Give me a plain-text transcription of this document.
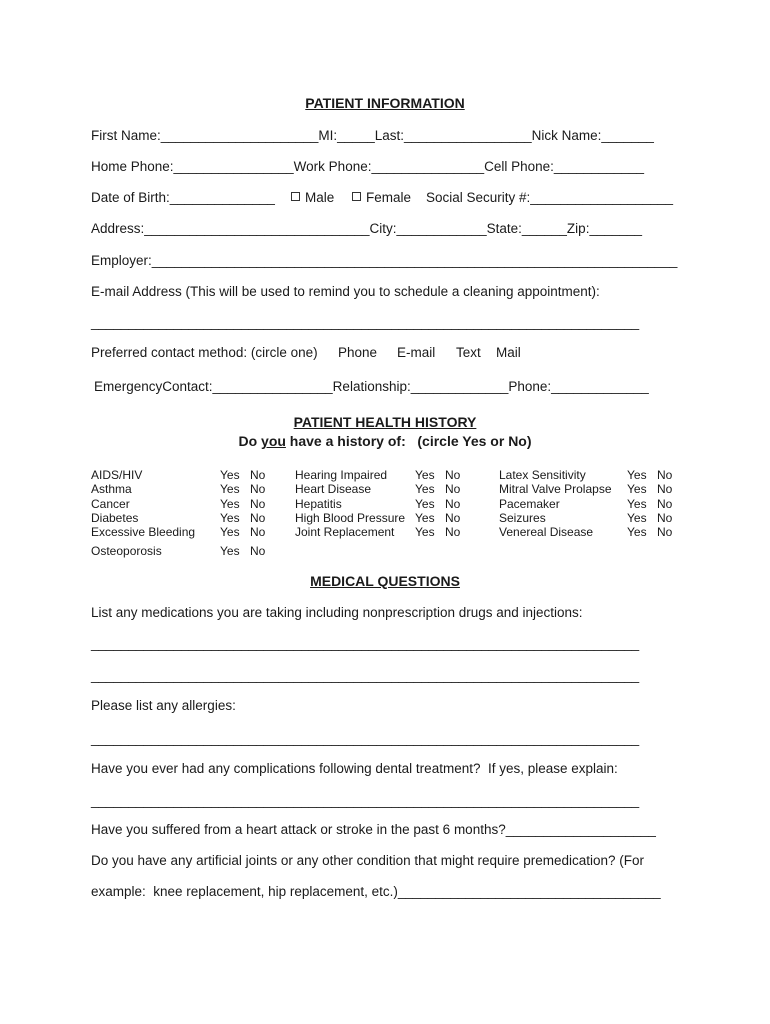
PATIENT INFORMATION
First Name:_____________________MI:_____Last:_________________Nick Name:_______
Home Phone:________________Work Phone:_______________Cell Phone:____________
Date of Birth:______________	Male	Female Social Security #:___________________
Address:______________________________City:____________State:______Zip:_______
Employer:______________________________________________________________________
E-mail Address (This will be used to remind you to schedule a cleaning appointment):
_________________________________________________________________________
Preferred contact method: (circle one) Phone E-mail Text Mail
EmergencyContact:________________Relationship:_____________Phone:_____________
PATIENT HEALTH HISTORY
Do you have a history of:   (circle Yes or No)
AIDS/HIV	Yes No
Asthma	Yes No
Cancer	Yes No
Diabetes	Yes No
Excessive Bleeding Yes No
Osteoporosis	Yes No
Hearing Impaired Yes No
Heart Disease	Yes No
Hepatitis	Yes No
High Blood Pressure Yes No
Joint Replacement Yes No
Latex Sensitivity	Yes No
Mitral Valve Prolapse Yes No
Pacemaker	Yes No
Seizures	Yes No
Venereal Disease	Yes No
MEDICAL QUESTIONS
List any medications you are taking including nonprescription drugs and injections:
_________________________________________________________________________
_________________________________________________________________________
Please list any allergies:
_________________________________________________________________________
Have you ever had any complications following dental treatment?  If yes, please explain:
_________________________________________________________________________
Have you suffered from a heart attack or stroke in the past 6 months?____________________
Do you have any artificial joints or any other condition that might require premedication? (For
example:  knee replacement, hip replacement, etc.)___________________________________
